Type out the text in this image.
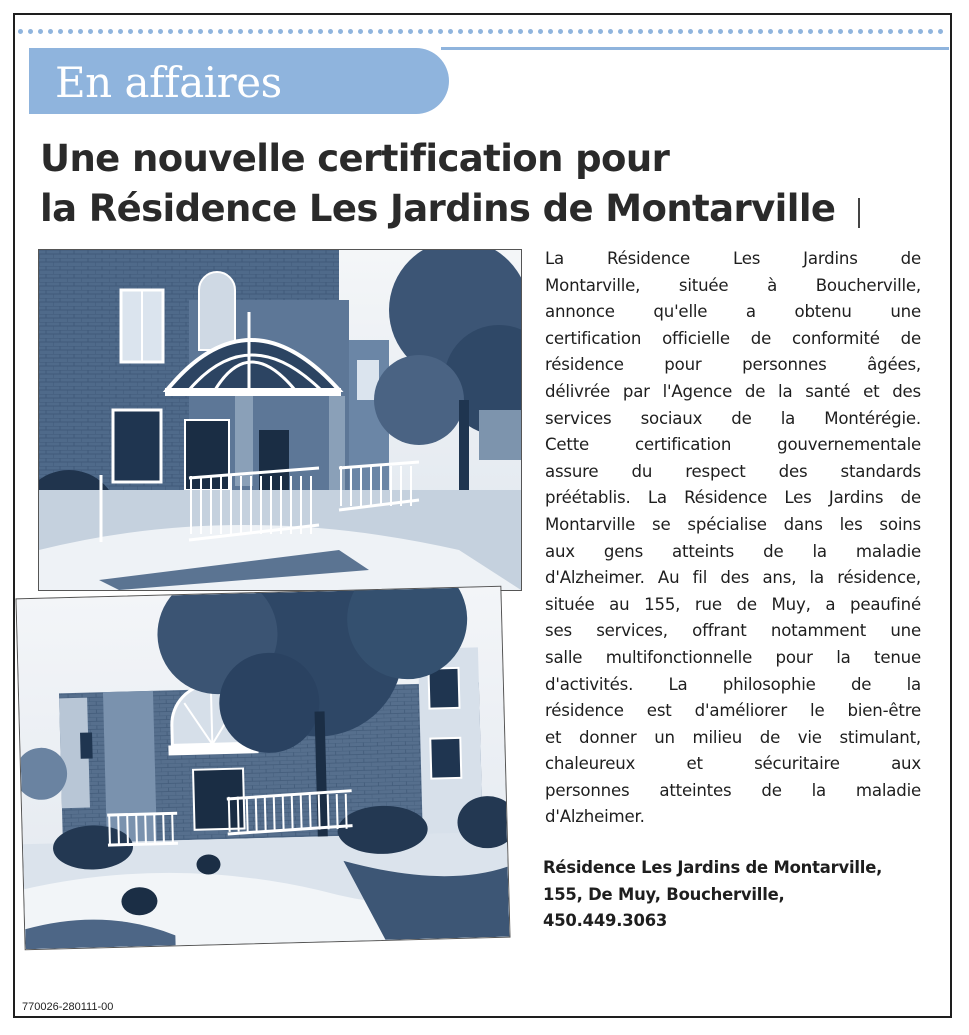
En affaires
Une nouvelle certification pour
la Résidence Les Jardins de Montarville
La Résidence Les Jardins de
Montarville, située à Boucherville,
annonce qu'elle a obtenu une
certification officielle de conformité de
résidence pour personnes âgées,
délivrée par l'Agence de la santé et des
services sociaux de la Montérégie.
Cette certification gouvernementale
assure du respect des standards
préétablis. La Résidence Les Jardins de
Montarville se spécialise dans les soins
aux gens atteints de la maladie
d'Alzheimer. Au fil des ans, la résidence,
située au 155, rue de Muy, a peaufiné
ses services, offrant notamment une
salle multifonctionnelle pour la tenue
d'activités. La philosophie de la
résidence est d'améliorer le bien-être
et donner un milieu de vie stimulant,
chaleureux et sécuritaire aux
personnes atteintes de la maladie
d'Alzheimer.
Résidence Les Jardins de Montarville,
155, De Muy, Boucherville,
450.449.3063
770026-280111-00
